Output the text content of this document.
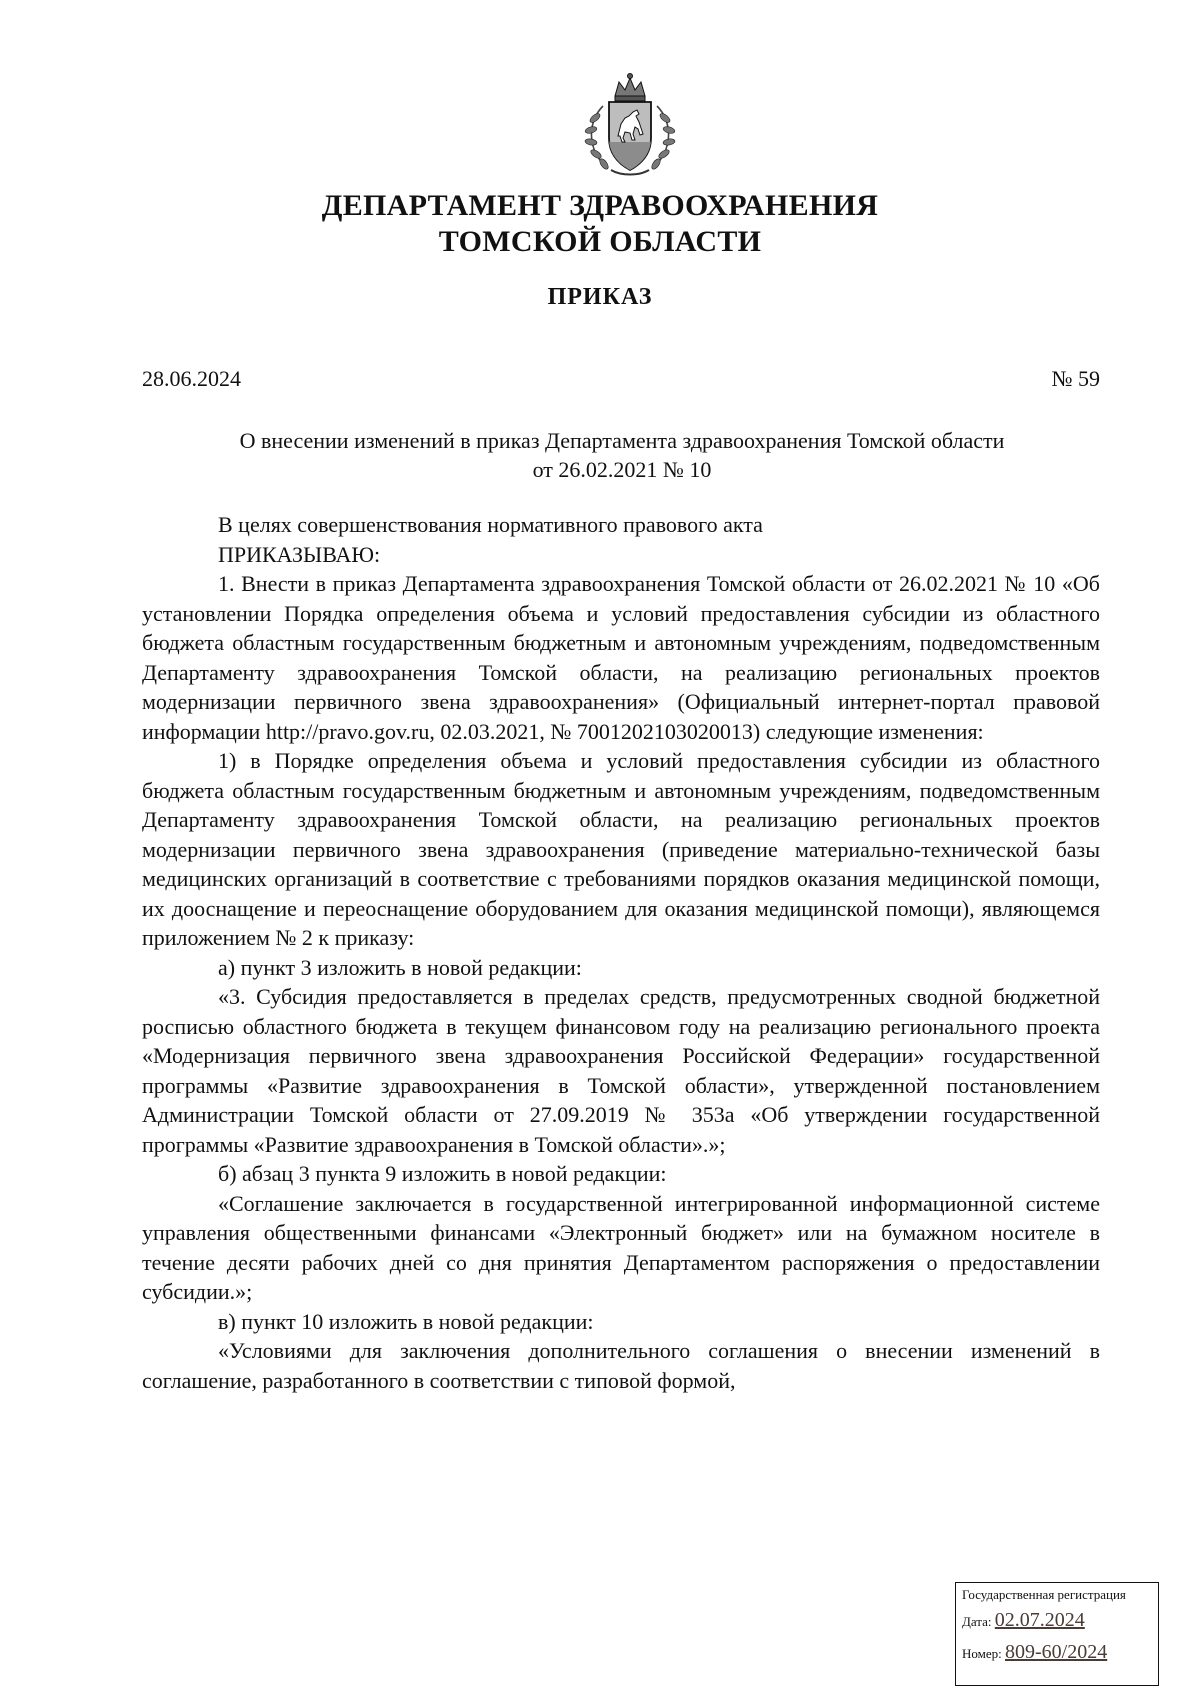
ДЕПАРТАМЕНТ ЗДРАВООХРАНЕНИЯ
ТОМСКОЙ ОБЛАСТИ
ПРИКАЗ
28.06.2024	№ 59
О внесении изменений в приказ Департамента здравоохранения Томской области
от 26.02.2021 № 10

В целях совершенствования нормативного правового акта

ПРИКАЗЫВАЮ:

1. Внести в приказ Департамента здравоохранения Томской области от 26.02.2021 № 10 «Об установлении Порядка определения объема и условий предоставления субсидии из областного бюджета областным государственным бюджетным и автономным учреждениям, подведомственным Департаменту здравоохранения Томской области, на реализацию региональных проектов модернизации первичного звена здравоохранения» (Официальный интернет-портал правовой информации http://pravo.gov.ru, 02.03.2021, № 7001202103020013) следующие изменения:

1) в Порядке определения объема и условий предоставления субсидии из областного бюджета областным государственным бюджетным и автономным учреждениям, подведомственным Департаменту здравоохранения Томской области, на реализацию региональных проектов модернизации первичного звена здравоохранения (приведение материально-технической базы медицинских организаций в соответствие с требованиями порядков оказания медицинской помощи, их дооснащение и переоснащение оборудованием для оказания медицинской помощи), являющемся приложением № 2 к приказу:

а) пункт 3 изложить в новой редакции:

«3. Субсидия предоставляется в пределах средств, предусмотренных сводной бюджетной росписью областного бюджета в текущем финансовом году на реализацию регионального проекта «Модернизация первичного звена здравоохранения Российской Федерации» государственной программы «Развитие здравоохранения в Томской области», утвержденной постановлением Администрации Томской области от 27.09.2019 № 353а «Об утверждении государственной программы «Развитие здравоохранения в Томской области».»;

б) абзац 3 пункта 9 изложить в новой редакции:

«Соглашение заключается в государственной интегрированной информационной системе управления общественными финансами «Электронный бюджет» или на бумажном носителе в течение десяти рабочих дней со дня принятия Департаментом распоряжения о предоставлении субсидии.»;

в) пункт 10 изложить в новой редакции:

«Условиями для заключения дополнительного соглашения о внесении изменений в соглашение, разработанного в соответствии с типовой формой,

Государственная регистрация
Дата: 02.07.2024
Номер: 809-60/2024
